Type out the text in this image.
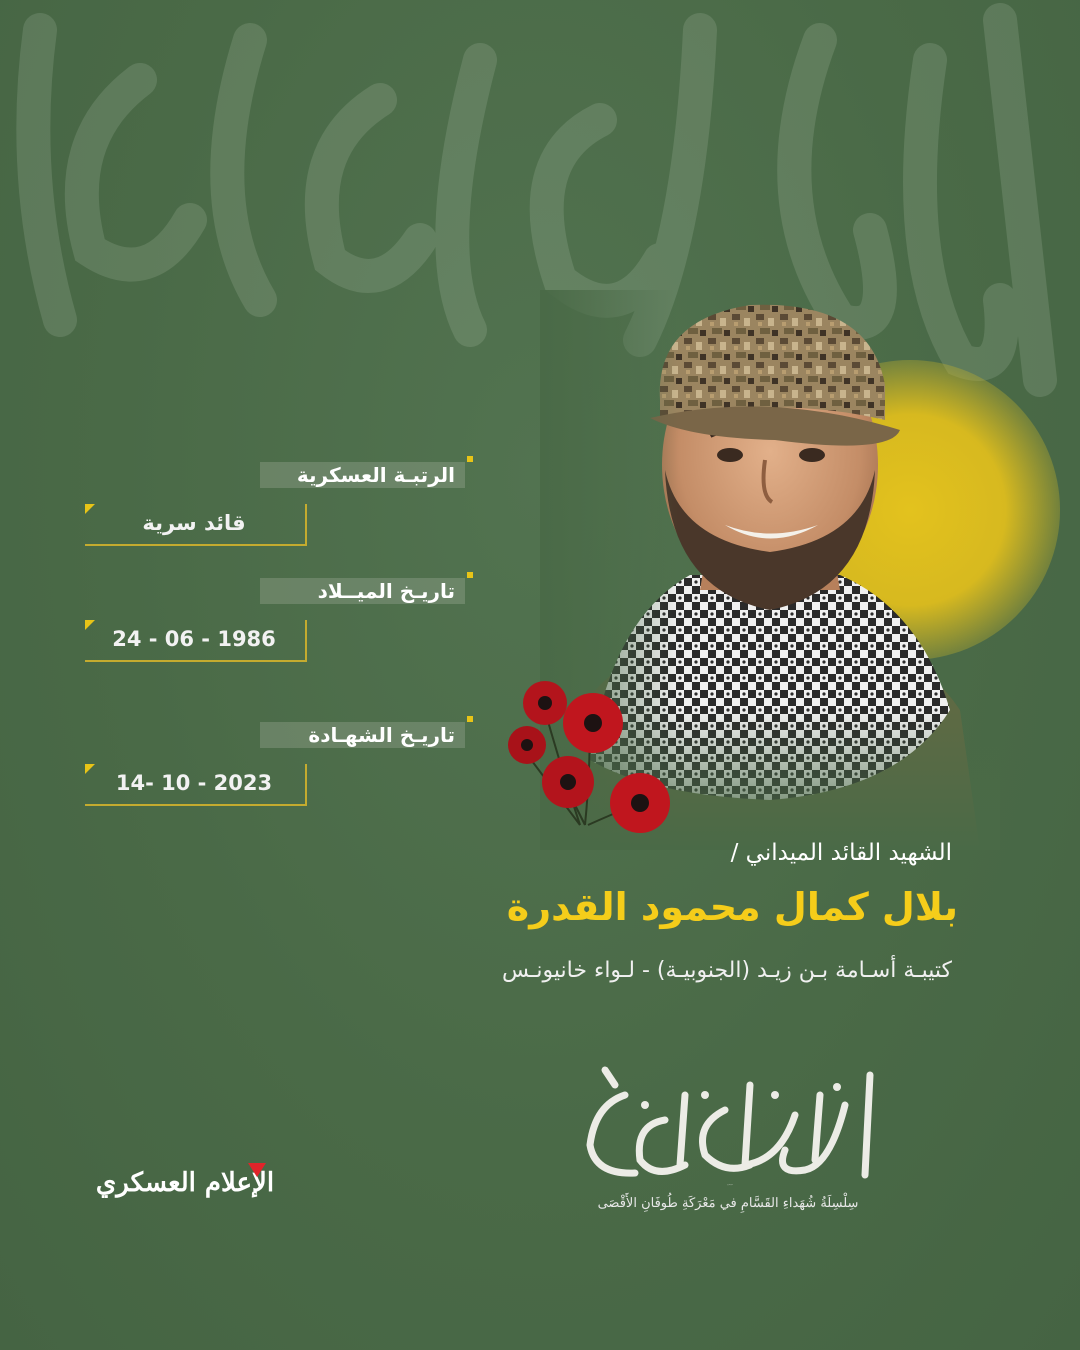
الرتبـة العسكرية
قائد سرية
تاريـخ الميــلاد
24 - 06 - 1986
تاريـخ الشهـادة
14- 10 - 2023
الشهيد القائد الميداني /
بلال كمال محمود القدرة
كتيبـة أسـامة بـن زيـد (الجنوبيـة) - لـواء خانيونـس
أقمار الطوفان
سِلْسِلَةُ شُهَداءِ القَسَّامِ في مَعْرَكَةِ طُوفَانِ الأَقْصَى
الإعلام العسكري
